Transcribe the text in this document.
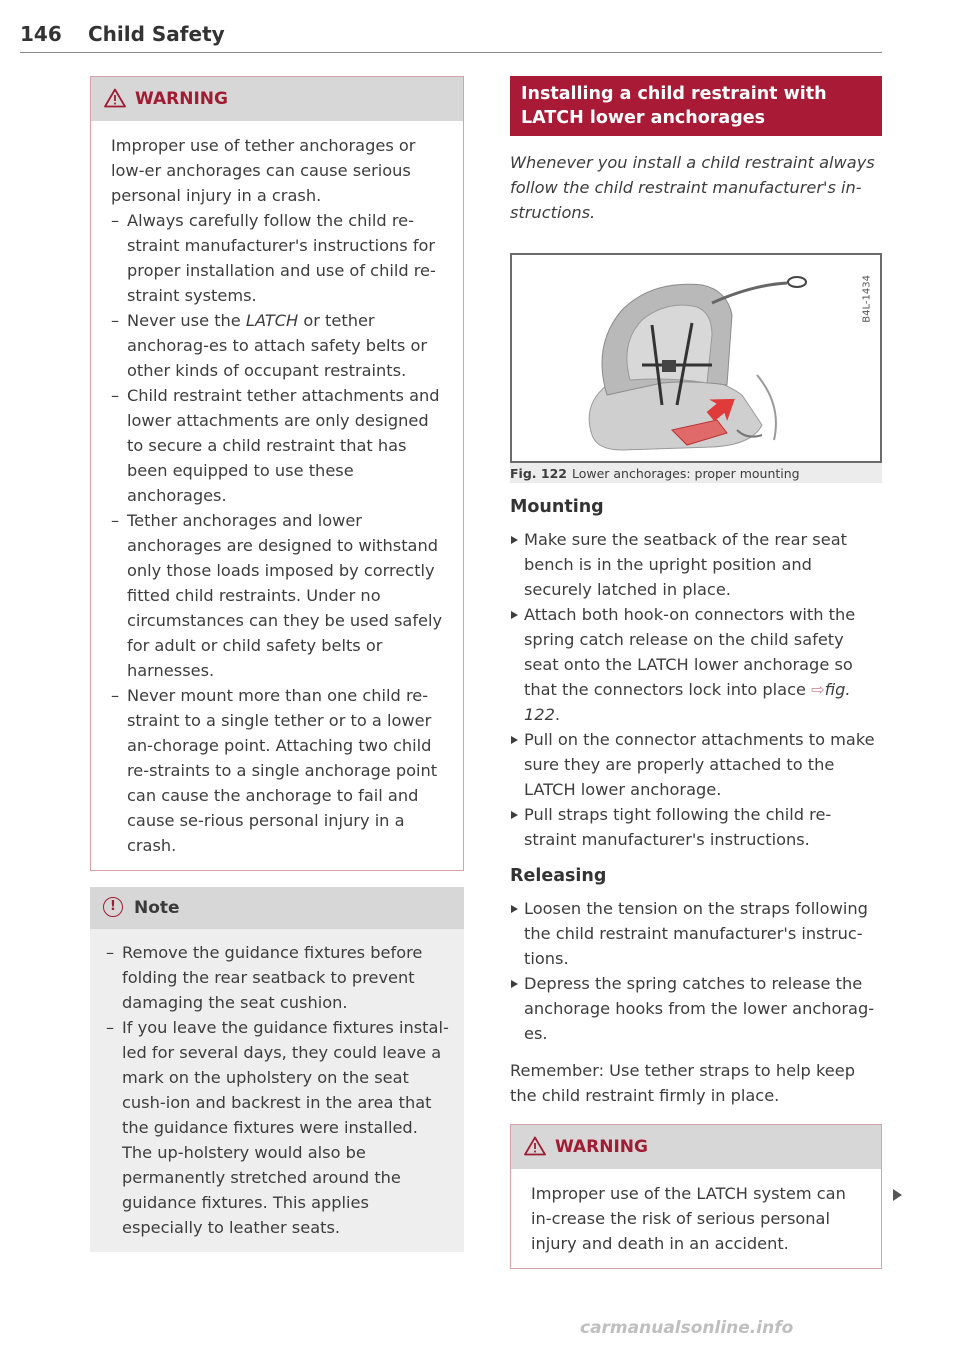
146 Child Safety
WARNING

Improper use of tether anchorages or low-er anchorages can cause serious personal injury in a crash.

– Always carefully follow the child re-straint manufacturer's instructions for proper installation and use of child re-straint systems.
– Never use the LATCH or tether anchorag-es to attach safety belts or other kinds of occupant restraints.
– Child restraint tether attachments and lower attachments are only designed to secure a child restraint that has been equipped to use these anchorages.
– Tether anchorages and lower anchorages are designed to withstand only those loads imposed by correctly fitted child restraints. Under no circumstances can they be used safely for adult or child safety belts or harnesses.
– Never mount more than one child re-straint to a single tether or to a lower an-chorage point. Attaching two child re-straints to a single anchorage point can cause the anchorage to fail and cause se-rious personal injury in a crash.
!	Note
– Remove the guidance fixtures before folding the rear seatback to prevent damaging the seat cushion.
– If you leave the guidance fixtures instal-led for several days, they could leave a mark on the upholstery on the seat cush-ion and backrest in the area that the guidance fixtures were installed. The up-holstery would also be permanently stretched around the guidance fixtures. This applies especially to leather seats.
Installing a child restraint with LATCH lower anchorages
Whenever you install a child restraint always follow the child restraint manufacturer's in-structions.
B4L-1434
Fig. 122 Lower anchorages: proper mounting
Mounting
Make sure the seatback of the rear seat bench is in the upright position and securely latched in place.
Attach both hook-on connectors with the spring catch release on the child safety seat onto the LATCH lower anchorage so that the connectors lock into place ⇨fig. 122.
Pull on the connector attachments to make sure they are properly attached to the LATCH lower anchorage.
Pull straps tight following the child re-straint manufacturer's instructions.
Releasing
Loosen the tension on the straps following the child restraint manufacturer's instruc-tions.
Depress the spring catches to release the anchorage hooks from the lower anchorag-es.

Remember: Use tether straps to help keep the child restraint firmly in place.

WARNING

Improper use of the LATCH system can in-crease the risk of serious personal injury and death in an accident.

carmanualsonline.info
